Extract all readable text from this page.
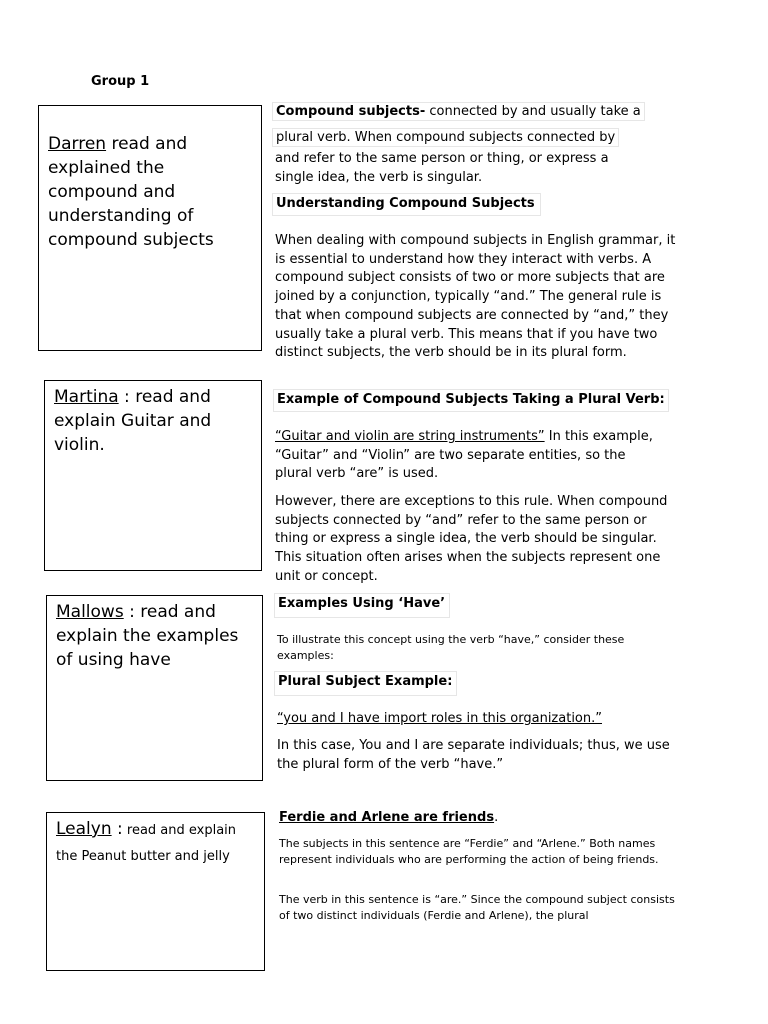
Group 1
Darren read and explained the compound and understanding of compound subjects
Martina : read and explain Guitar and violin.
Mallows : read and explain the examples of using have
Lealyn : read and explain the Peanut butter and jelly

Compound subjects- connected by and usually take a

plural verb. When compound subjects connected by

and refer to the same person or thing, or express a

single idea, the verb is singular.

Understanding Compound Subjects

When dealing with compound subjects in English grammar, it is essential to understand how they interact with verbs. A compound subject consists of two or more subjects that are joined by a conjunction, typically “and.” The general rule is that when compound subjects are connected by “and,” they usually take a plural verb. This means that if you have two distinct subjects, the verb should be in its plural form.

Example of Compound Subjects Taking a Plural Verb:

“Guitar and violin are string instruments” In this example, “Guitar” and “Violin” are two separate entities, so the plural verb “are” is used.

However, there are exceptions to this rule. When compound subjects connected by “and” refer to the same person or thing or express a single idea, the verb should be singular. This situation often arises when the subjects represent one unit or concept.

Examples Using ‘Have’

To illustrate this concept using the verb “have,” consider these examples:

Plural Subject Example:

“you and I have import roles in this organization.”

In this case, You and I are separate individuals; thus, we use the plural form of the verb “have.”

Ferdie and Arlene are friends.

The subjects in this sentence are “Ferdie” and “Arlene.” Both names represent individuals who are performing the action of being friends.

The verb in this sentence is “are.” Since the compound subject consists of two distinct individuals (Ferdie and Arlene), the plural
